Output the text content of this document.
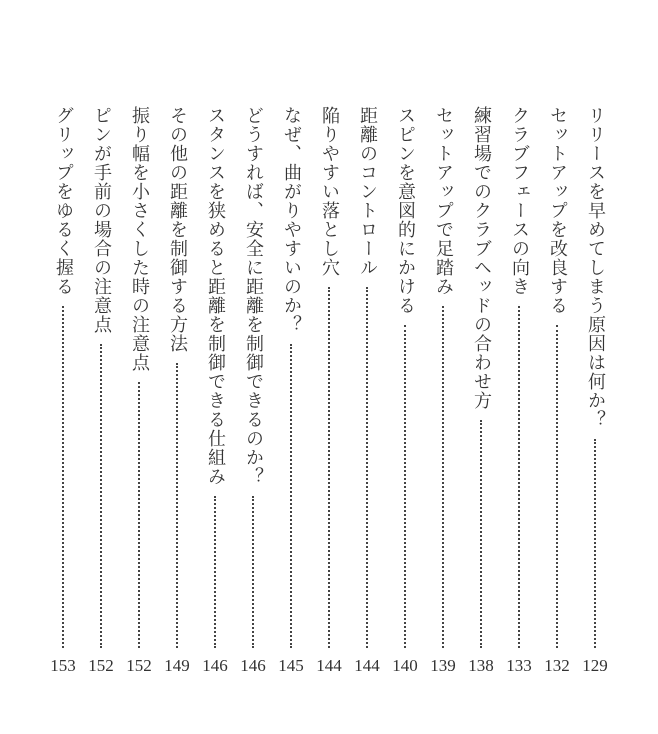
リリースを早めてしまう原因は何か？
129
セットアップを改良する
132
クラブフェースの向き
133
練習場でのクラブヘッドの合わせ方
138
セットアップで足踏み
139
スピンを意図的にかける
140
距離のコントロール
144
陥りやすい落とし穴
144
なぜ、曲がりやすいのか？
145
どうすれば、安全に距離を制御できるのか？
146
スタンスを狭めると距離を制御できる仕組み
146
その他の距離を制御する方法
149
振り幅を小さくした時の注意点
152
ピンが手前の場合の注意点
152
グリップをゆるく握る
153
